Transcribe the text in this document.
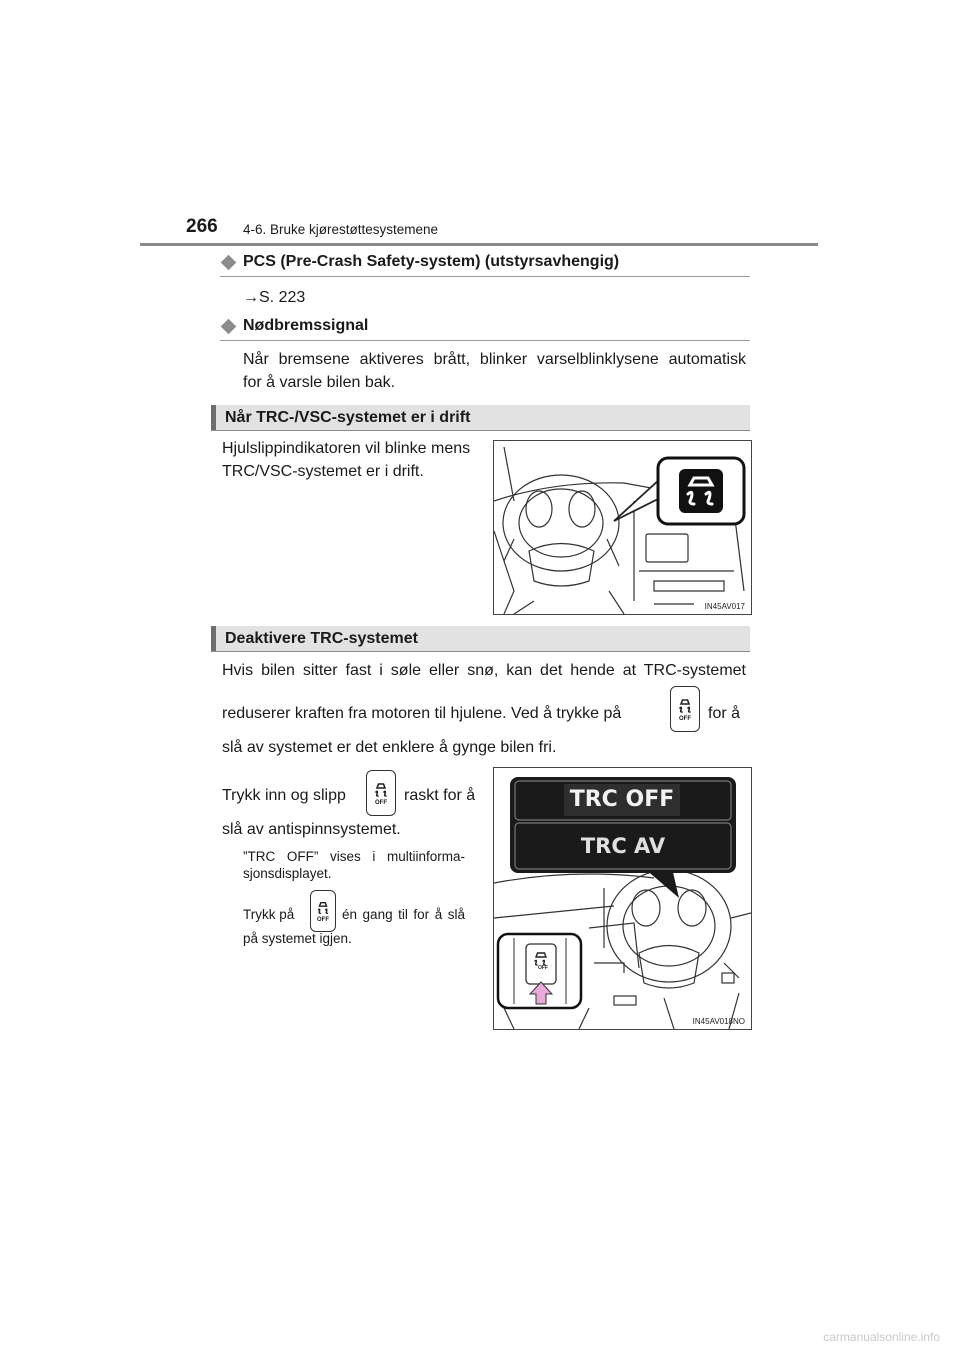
266 4-6. Bruke kjørestøttesystemene
PCS (Pre-Crash Safety-system) (utstyrsavhengig)
→S. 223
Nødbremssignal
Når bremsene aktiveres brått, blinker varselblinklysene automatisk
for å varsle bilen bak.
Når TRC-/VSC-systemet er i drift
Hjulslippindikatoren vil blinke mens
TRC/VSC-systemet er i drift.
IN45AV017
Deaktivere TRC-systemet
Hvis bilen sitter fast i søle eller snø, kan det hende at TRC-systemet
reduserer kraften fra motoren til hjulene. Ved å trykke på	OFF for å
slå av systemet er det enklere å gynge bilen fri.
Trykk inn og slipp	OFF raskt for å
slå av antispinnsystemet.
”TRC OFF” vises i multiinforma-
sjonsdisplayet.
Trykk på	OFF én gang til for å slå
på systemet igjen.
TRC OFF
TRC AV
OFF
IN45AV018NO
carmanualsonline.info
